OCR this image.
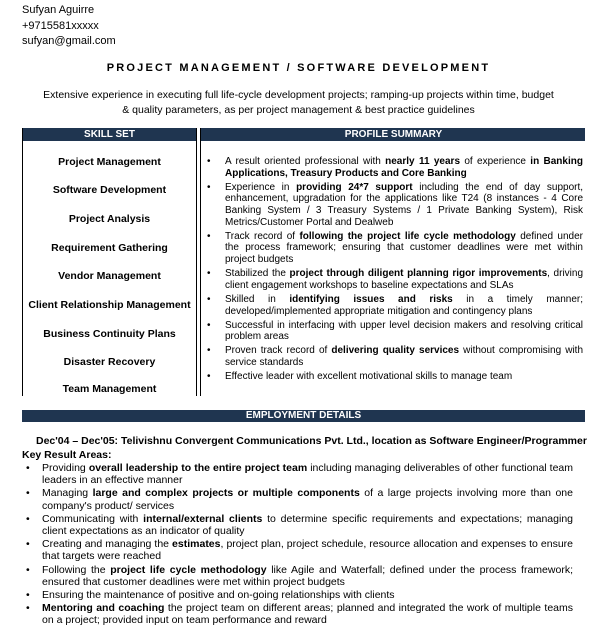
Sufyan Aguirre
+9715581xxxxx
sufyan@gmail.com
PROJECT MANAGEMENT / SOFTWARE DEVELOPMENT
Extensive experience in executing full life-cycle development projects; ramping-up projects within time, budget
& quality parameters, as per project management & best practice guidelines
SKILL SET
Project Management
Software Development
Project Analysis
Requirement Gathering
Vendor Management
Client Relationship Management
Business Continuity Plans
Disaster Recovery
Team Management
PROFILE SUMMARY
• A result oriented professional with nearly 11 years of experience in Banking Applications, Treasury Products and Core Banking
• Experience in providing 24*7 support including the end of day support, enhancement, upgradation for the applications like T24 (8 instances - 4 Core Banking System / 3 Treasury Systems / 1 Private Banking System), Risk Metrics/Customer Portal and Dealweb
• Track record of following the project life cycle methodology defined under the process framework; ensuring that customer deadlines were met within project budgets
• Stabilized the project through diligent planning rigor improvements, driving client engagement workshops to baseline expectations and SLAs
• Skilled in identifying issues and risks in a timely manner; developed/implemented appropriate mitigation and contingency plans
• Successful in interfacing with upper level decision makers and resolving critical problem areas
• Proven track record of delivering quality services without compromising with service standards
• Effective leader with excellent motivational skills to manage team
EMPLOYMENT DETAILS
Dec'04 – Dec'05: Telivishnu Convergent Communications Pvt. Ltd., location as Software Engineer/Programmer
Key Result Areas:
• Providing overall leadership to the entire project team including managing deliverables of other functional team leaders in an effective manner
• Managing large and complex projects or multiple components of a large projects involving more than one company's product/ services
• Communicating with internal/external clients to determine specific requirements and expectations; managing client expectations as an indicator of quality
• Creating and managing the estimates, project plan, project schedule, resource allocation and expenses to ensure that targets were reached
• Following the project life cycle methodology like Agile and Waterfall; defined under the process framework; ensured that customer deadlines were met within project budgets
• Ensuring the maintenance of positive and on-going relationships with clients
• Mentoring and coaching the project team on different areas; planned and integrated the work of multiple teams on a project; provided input on team performance and reward
